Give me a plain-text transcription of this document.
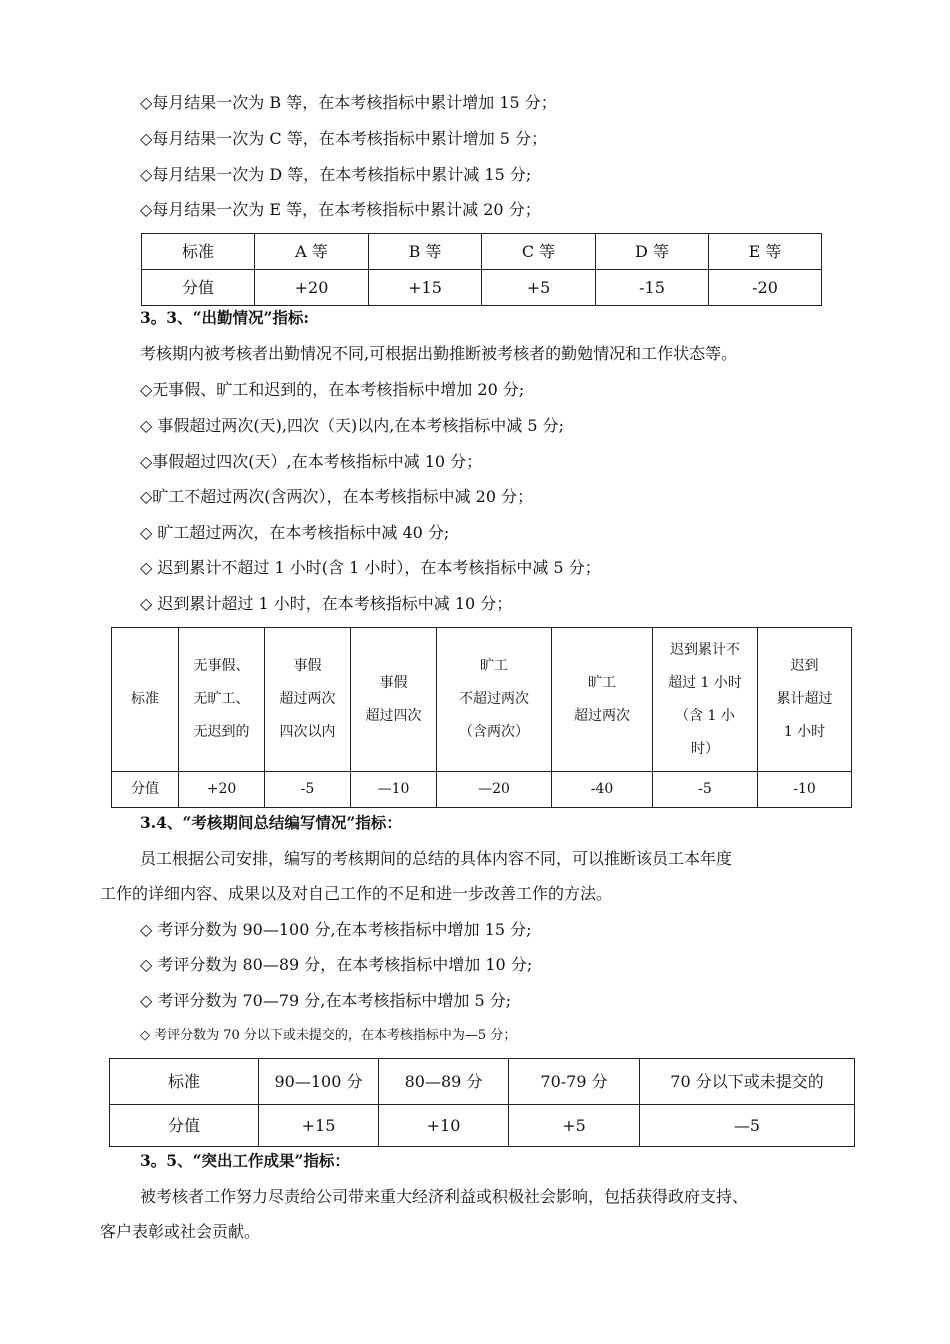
◇每月结果一次为 B 等，在本考核指标中累计增加 15 分；
◇每月结果一次为 C 等，在本考核指标中累计增加 5 分；
◇每月结果一次为 D 等，在本考核指标中累计减 15 分;
◇每月结果一次为 E 等，在本考核指标中累计减 20 分；
标准	A 等	B 等	C 等	D 等	E 等
分值	+20	+15	+5	-15	-20
3。3、“出勤情况”指标:
考核期内被考核者出勤情况不同,可根据出勤推断被考核者的勤勉情况和工作状态等。
◇无事假、旷工和迟到的，在本考核指标中增加 20 分;
◇ 事假超过两次(天),四次（天)以内,在本考核指标中减 5 分;
◇事假超过四次(天）,在本考核指标中减 10 分；
◇旷工不超过两次(含两次），在本考核指标中减 20 分；
◇ 旷工超过两次，在本考核指标中减 40 分;
◇ 迟到累计不超过 1 小时(含 1 小时），在本考核指标中减 5 分；
◇ 迟到累计超过 1 小时，在本考核指标中减 10 分；
标准	无事假、
无旷工、
无迟到的	事假
超过两次
四次以内	事假
超过四次	旷工
不超过两次
（含两次）	旷工
超过两次	迟到累计不
超过 1 小时
（含 1 小
时）	迟到
累计超过
1 小时

分值	+20	-5	—10	—20	-40	-5	-10
3.4、“考核期间总结编写情况”指标：
员工根据公司安排，编写的考核期间的总结的具体内容不同，可以推断该员工本年度
工作的详细内容、成果以及对自己工作的不足和进一步改善工作的方法。
◇ 考评分数为 90—100 分,在本考核指标中增加 15 分;
◇ 考评分数为 80—89 分，在本考核指标中增加 10 分;
◇ 考评分数为 70—79 分,在本考核指标中增加 5 分;
◇ 考评分数为 70 分以下或未提交的，在本考核指标中为—5 分；
标准	90—100 分	80—89 分	70-79 分	70 分以下或未提交的
分值	+15	+10	+5	—5
3。5、“突出工作成果”指标：
被考核者工作努力尽责给公司带来重大经济利益或积极社会影响，包括获得政府支持、
客户表彰或社会贡献。
